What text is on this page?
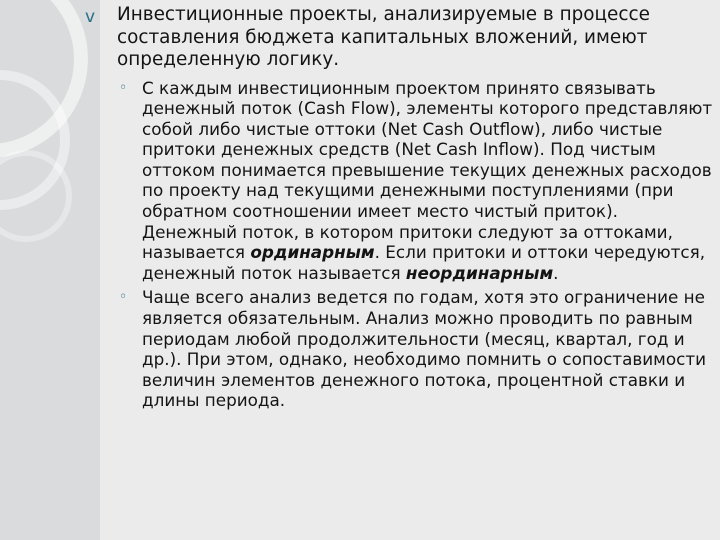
v Инвестиционные проекты, анализируемые в процессе составления бюджета капитальных вложений, имеют определенную логику.

◦ С каждым инвестиционным проектом принято связывать денежный поток (Cash Flow), элементы которого представляют собой либо чистые оттоки (Net Cash Outflow), либо чистые притоки денежных средств (Net Cash Inflow). Под чистым оттоком понимается превышение текущих денежных расходов по проекту над текущими денежными поступлениями (при обратном соотношении имеет место чистый приток). Денежный поток, в котором притоки следуют за оттоками, называется ординарным. Если притоки и оттоки чередуются, денежный поток называется неординарным.

◦ Чаще всего анализ ведется по годам, хотя это ограничение не является обязательным. Анализ можно проводить по равным периодам любой продолжительности (месяц, квартал, год и др.). При этом, однако, необходимо помнить о сопоставимости величин элементов денежного потока, процентной ставки и длины периода.
